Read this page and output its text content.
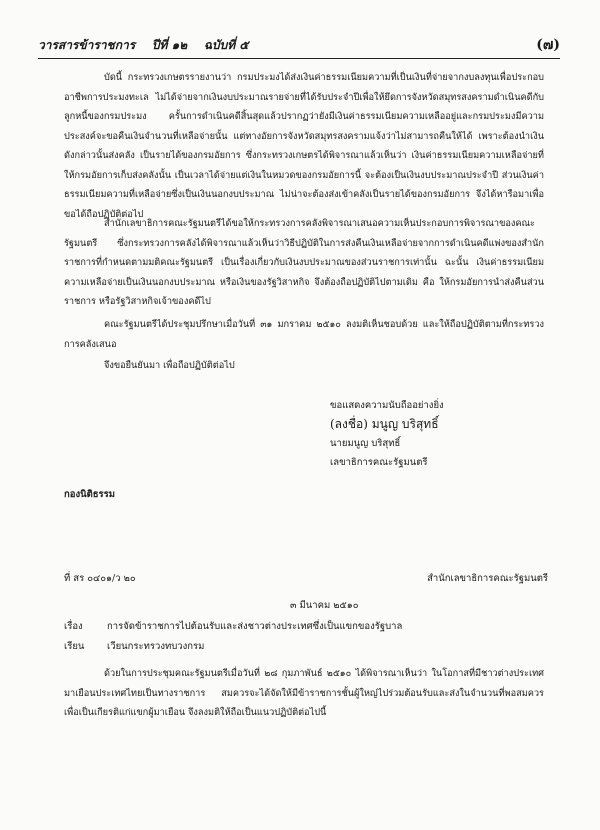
วารสารข้าราชการ ปีที่ ๑๒ ฉบับที่ ๕	(๗)

บัดนี้ กระทรวงเกษตรรายงานว่า กรมประมงได้ส่งเงินค่าธรรมเนียมความที่เป็นเงินที่จ่ายจากงบลงทุนเพื่อประกอบอาชีพการประมงทะเล ไม่ได้จ่ายจากเงินงบประมาณรายจ่ายที่ได้รับประจำปีเพื่อให้ยึดการจังหวัดสมุทรสงครามดำเนินคดีกับลูกหนี้ของกรมประมง ครั้นการดำเนินคดีสิ้นสุดแล้วปรากฏว่ายังมีเงินค่าธรรมเนียมความเหลืออยู่และกรมประมงมีความประสงค์จะขอคืนเงินจำนวนที่เหลือจ่ายนั้น แต่ทางอัยการจังหวัดสมุทรสงครามแจ้งว่าไม่สามารถคืนให้ได้ เพราะต้องนำเงินดังกล่าวนั้นส่งคลัง เป็นรายได้ของกรมอัยการ ซึ่งกระทรวงเกษตรได้พิจารณาแล้วเห็นว่า เงินค่าธรรมเนียมความเหลือจ่ายที่ให้กรมอัยการเก็บส่งคลังนั้น เป็นเวลาได้จ่ายแต่เงินในหมวดของกรมอัยการนี้ จะต้องเป็นเงินงบประมาณประจำปี ส่วนเงินค่าธรรมเนียมความที่เหลือจ่ายซึ่งเป็นเงินนอกงบประมาณ ไม่น่าจะต้องส่งเข้าคลังเป็นรายได้ของกรมอัยการ จึงได้หารือมาเพื่อขอได้ถือปฏิบัติต่อไป

สำนักเลขาธิการคณะรัฐมนตรีได้ขอให้กระทรวงการคลังพิจารณาเสนอความเห็นประกอบการพิจารณาของคณะรัฐมนตรี ซึ่งกระทรวงการคลังได้พิจารณาแล้วเห็นว่าวิธีปฏิบัติในการส่งคืนเงินเหลือจ่ายจากการดำเนินคดีแพ่งของสำนักราชการที่กำหนดตามมติคณะรัฐมนตรี เป็นเรื่องเกี่ยวกับเงินงบประมาณของส่วนราชการเท่านั้น ฉะนั้น เงินค่าธรรมเนียมความเหลือจ่ายเป็นเงินนอกงบประมาณ หรือเงินของรัฐวิสาหกิจ จึงต้องถือปฏิบัติไปตามเดิม คือ ให้กรมอัยการนำส่งคืนส่วนราชการ หรือรัฐวิสาหกิจเจ้าของคดีไป

คณะรัฐมนตรีได้ประชุมปรึกษาเมื่อวันที่ ๓๑ มกราคม ๒๕๑๐ ลงมติเห็นชอบด้วย และให้ถือปฏิบัติตามที่กระทรวงการคลังเสนอ

จึงขอยืนยันมา เพื่อถือปฏิบัติต่อไป

ขอแสดงความนับถืออย่างยิ่ง
(ลงชื่อ) มนูญ บริสุทธิ์
นายมนูญ บริสุทธิ์
เลขาธิการคณะรัฐมนตรี
กองนิติธรรม
ที่ สร ๐๔๐๑/ว ๒๐	สำนักเลขาธิการคณะรัฐมนตรี
๓ มีนาคม ๒๕๑๐
เรื่อง	การจัดข้าราชการไปต้อนรับและส่งชาวต่างประเทศซึ่งเป็นแขกของรัฐบาล
เรียน เวียนกระทรวงทบวงกรม

ด้วยในการประชุมคณะรัฐมนตรีเมื่อวันที่ ๒๘ กุมภาพันธ์ ๒๕๑๐ ได้พิจารณาเห็นว่า ในโอกาสที่มีชาวต่างประเทศมาเยือนประเทศไทยเป็นทางราชการ สมควรจะได้จัดให้มีข้าราชการชั้นผู้ใหญ่ไปร่วมต้อนรับและส่งในจำนวนที่พอสมควร เพื่อเป็นเกียรติแก่แขกผู้มาเยือน จึงลงมติให้ถือเป็นแนวปฏิบัติต่อไปนี้
